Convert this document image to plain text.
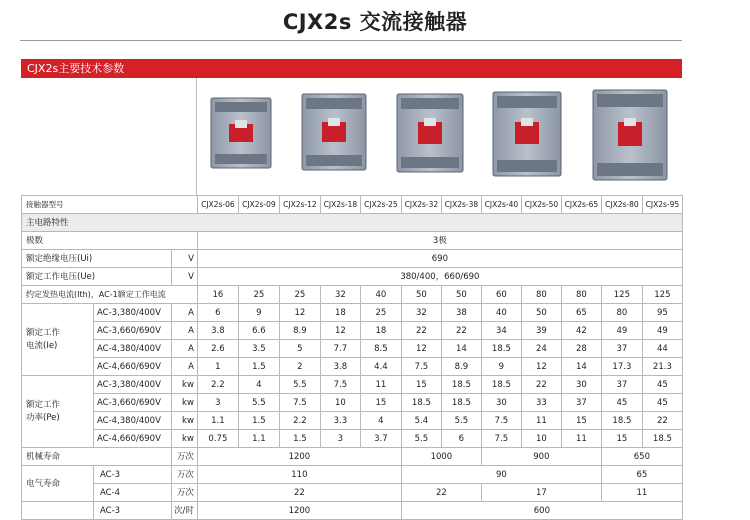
CJX2s 交流接触器
CJX2s主要技术参数
接触器型号			CJX2s-06	CJX2s-09	CJX2s-12	CJX2s-18	CJX2s-25	CJX2s-32	CJX2s-38	CJX2s-40	CJX2s-50	CJX2s-65	CJX2s-80	CJX2s-95
主电路特性														
极数			3极											
额定绝缘电压(Ui)		V	690											
额定工作电压(Ue)		V	380/400，660/690											
约定发热电流(Ith)，AC-1额定工作电流			16	25	25	32	40	50	50	60	80	80	125	125
额定工作
电流(Ie)	AC-3,380/400V	A	6	9	12	18	25	32	38	40	50	65	80	95
	AC-3,660/690V	A	3.8	6.6	8.9	12	18	22	22	34	39	42	49	49
	AC-4,380/400V	A	2.6	3.5	5	7.7	8.5	12	14	18.5	24	28	37	44
	AC-4,660/690V	A	1	1.5	2	3.8	4.4	7.5	8.9	9	12	14	17.3	21.3
额定工作
功率(Pe)	AC-3,380/400V	kw	2.2	4	5.5	7.5	11	15	18.5	18.5	22	30	37	45
	AC-3,660/690V	kw	3	5.5	7.5	10	15	18.5	18.5	30	33	37	45	45
	AC-4,380/400V	kw	1.1	1.5	2.2	3.3	4	5.4	5.5	7.5	11	15	18.5	22
	AC-4,660/690V	kw	0.75	1.1	1.5	3	3.7	5.5	6	7.5	10	11	15	18.5
机械寿命		万次	1200					1000		900			650	
电气寿命	AC-3	万次	110					90					65	
	AC-4	万次	22					22		17			11	
	AC-3	次/时	1200					600						
